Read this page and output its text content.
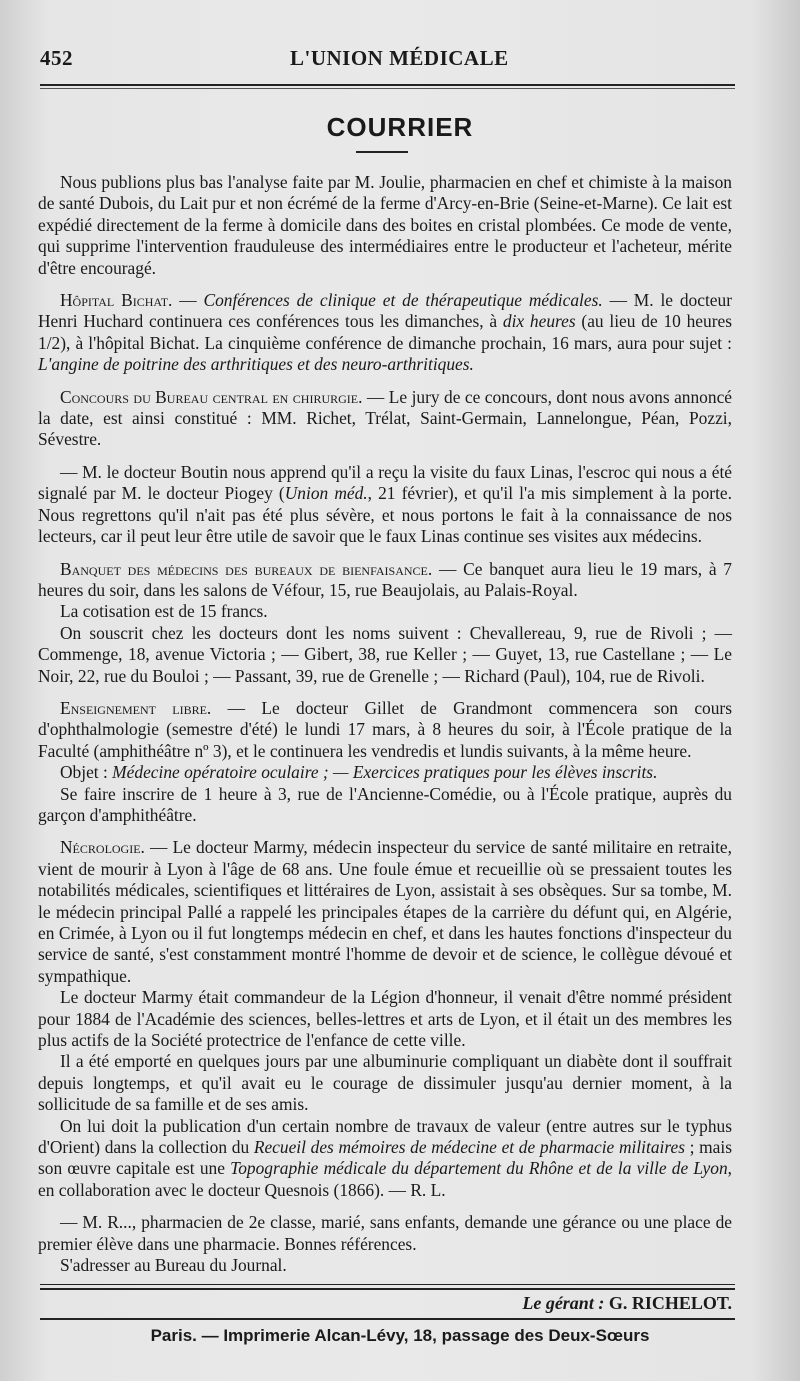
452	L'UNION MÉDICALE
COURRIER

Nous publions plus bas l'analyse faite par M. Joulie, pharmacien en chef et chimiste à la maison de santé Dubois, du Lait pur et non écrémé de la ferme d'Arcy-en-Brie (Seine-et-Marne). Ce lait est expédié directement de la ferme à domicile dans des boites en cristal plombées. Ce mode de vente, qui supprime l'intervention frauduleuse des intermédiaires entre le producteur et l'acheteur, mérite d'être encouragé.

Hôpital Bichat. — Conférences de clinique et de thérapeutique médicales. — M. le docteur Henri Huchard continuera ces conférences tous les dimanches, à dix heures (au lieu de 10 heures 1/2), à l'hôpital Bichat. La cinquième conférence de dimanche prochain, 16 mars, aura pour sujet : L'angine de poitrine des arthritiques et des neuro-arthritiques.

Concours du Bureau central en chirurgie. — Le jury de ce concours, dont nous avons annoncé la date, est ainsi constitué : MM. Richet, Trélat, Saint-Germain, Lannelongue, Péan, Pozzi, Sévestre.

— M. le docteur Boutin nous apprend qu'il a reçu la visite du faux Linas, l'escroc qui nous a été signalé par M. le docteur Piogey (Union méd., 21 février), et qu'il l'a mis simplement à la porte. Nous regrettons qu'il n'ait pas été plus sévère, et nous portons le fait à la connaissance de nos lecteurs, car il peut leur être utile de savoir que le faux Linas continue ses visites aux médecins.

Banquet des médecins des bureaux de bienfaisance. — Ce banquet aura lieu le 19 mars, à 7 heures du soir, dans les salons de Véfour, 15, rue Beaujolais, au Palais-Royal.

La cotisation est de 15 francs.

On souscrit chez les docteurs dont les noms suivent : Chevallereau, 9, rue de Rivoli ; — Commenge, 18, avenue Victoria ; — Gibert, 38, rue Keller ; — Guyet, 13, rue Castellane ; — Le Noir, 22, rue du Bouloi ; — Passant, 39, rue de Grenelle ; — Richard (Paul), 104, rue de Rivoli.

Enseignement libre. — Le docteur Gillet de Grandmont commencera son cours d'ophthalmologie (semestre d'été) le lundi 17 mars, à 8 heures du soir, à l'École pratique de la Faculté (amphithéâtre nº 3), et le continuera les vendredis et lundis suivants, à la même heure.

Objet : Médecine opératoire oculaire ; — Exercices pratiques pour les élèves inscrits.

Se faire inscrire de 1 heure à 3, rue de l'Ancienne-Comédie, ou à l'École pratique, auprès du garçon d'amphithéâtre.

Nécrologie. — Le docteur Marmy, médecin inspecteur du service de santé militaire en retraite, vient de mourir à Lyon à l'âge de 68 ans. Une foule émue et recueillie où se pressaient toutes les notabilités médicales, scientifiques et littéraires de Lyon, assistait à ses obsèques. Sur sa tombe, M. le médecin principal Pallé a rappelé les principales étapes de la carrière du défunt qui, en Algérie, en Crimée, à Lyon ou il fut longtemps médecin en chef, et dans les hautes fonctions d'inspecteur du service de santé, s'est constamment montré l'homme de devoir et de science, le collègue dévoué et sympathique.

Le docteur Marmy était commandeur de la Légion d'honneur, il venait d'être nommé président pour 1884 de l'Académie des sciences, belles-lettres et arts de Lyon, et il était un des membres les plus actifs de la Société protectrice de l'enfance de cette ville.

Il a été emporté en quelques jours par une albuminurie compliquant un diabète dont il souffrait depuis longtemps, et qu'il avait eu le courage de dissimuler jusqu'au dernier moment, à la sollicitude de sa famille et de ses amis.

On lui doit la publication d'un certain nombre de travaux de valeur (entre autres sur le typhus d'Orient) dans la collection du Recueil des mémoires de médecine et de pharmacie militaires ; mais son œuvre capitale est une Topographie médicale du département du Rhône et de la ville de Lyon, en collaboration avec le docteur Quesnois (1866). — R. L.

— M. R..., pharmacien de 2e classe, marié, sans enfants, demande une gérance ou une place de premier élève dans une pharmacie. Bonnes références.

S'adresser au Bureau du Journal.

Le gérant : G. RICHELOT.
Paris. — Imprimerie Alcan-Lévy, 18, passage des Deux-Sœurs
